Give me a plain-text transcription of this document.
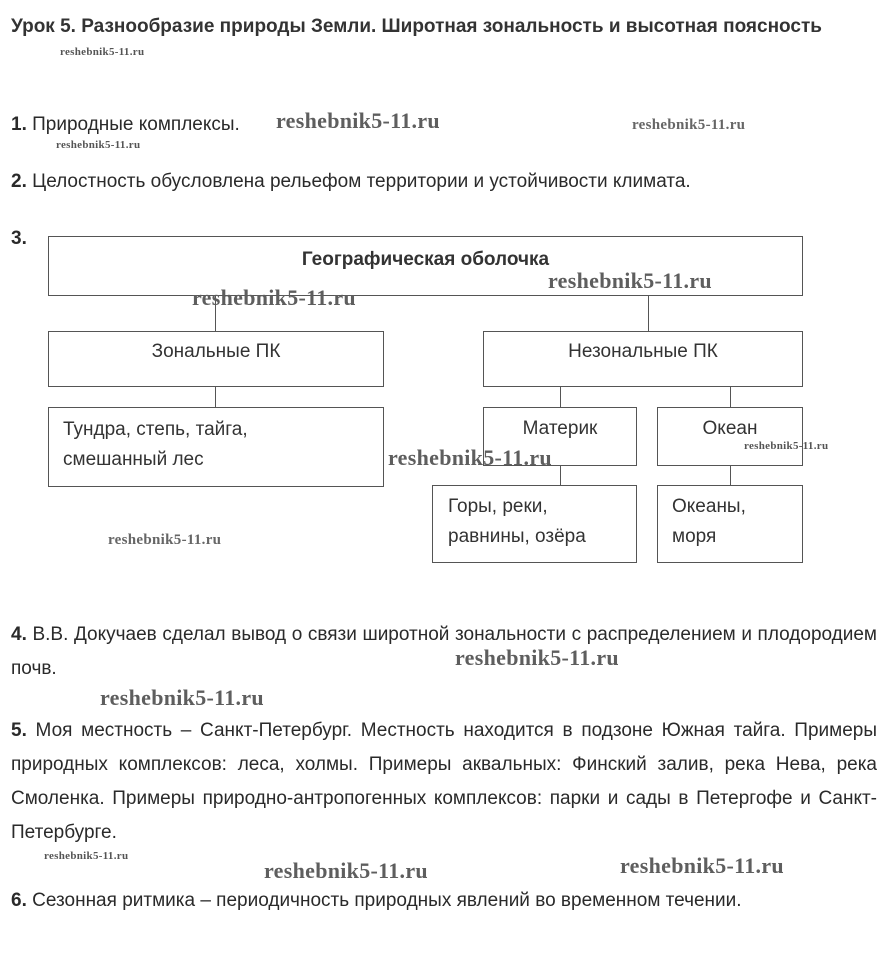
Урок 5. Разнообразие природы Земли. Широтная зональность и высотная поясность
1. Природные комплексы.
2. Целостность обусловлена рельефом территории и устойчивости климата.
3.
Географическая оболочка
Зональные ПК	Незональные ПК
Тундра, степь, тайга, смешанный лес
Материк	Океан
Горы, реки, равнины, озёра
Океаны, моря
4. В.В. Докучаев сделал вывод о связи широтной зональности с распределением и плодородием почв.
5. Моя местность – Санкт-Петербург. Местность находится в подзоне Южная тайга. Примеры природных комплексов: леса, холмы. Примеры аквальных: Финский залив, река Нева, река Смоленка. Примеры природно-антропогенных комплексов: парки и сады в Петергофе и Санкт-Петербурге.
6. Сезонная ритмика – периодичность природных явлений во временном течении.
reshebnik5-11.ru
reshebnik5-11.ru	reshebnik5-11.ru
reshebnik5-11.ru
reshebnik5-11.ru
reshebnik5-11.ru
reshebnik5-11.ru
reshebnik5-11.ru
reshebnik5-11.ru
reshebnik5-11.ru
reshebnik5-11.ru
reshebnik5-11.ru	reshebnik5-11.ru
reshebnik5-11.ru
